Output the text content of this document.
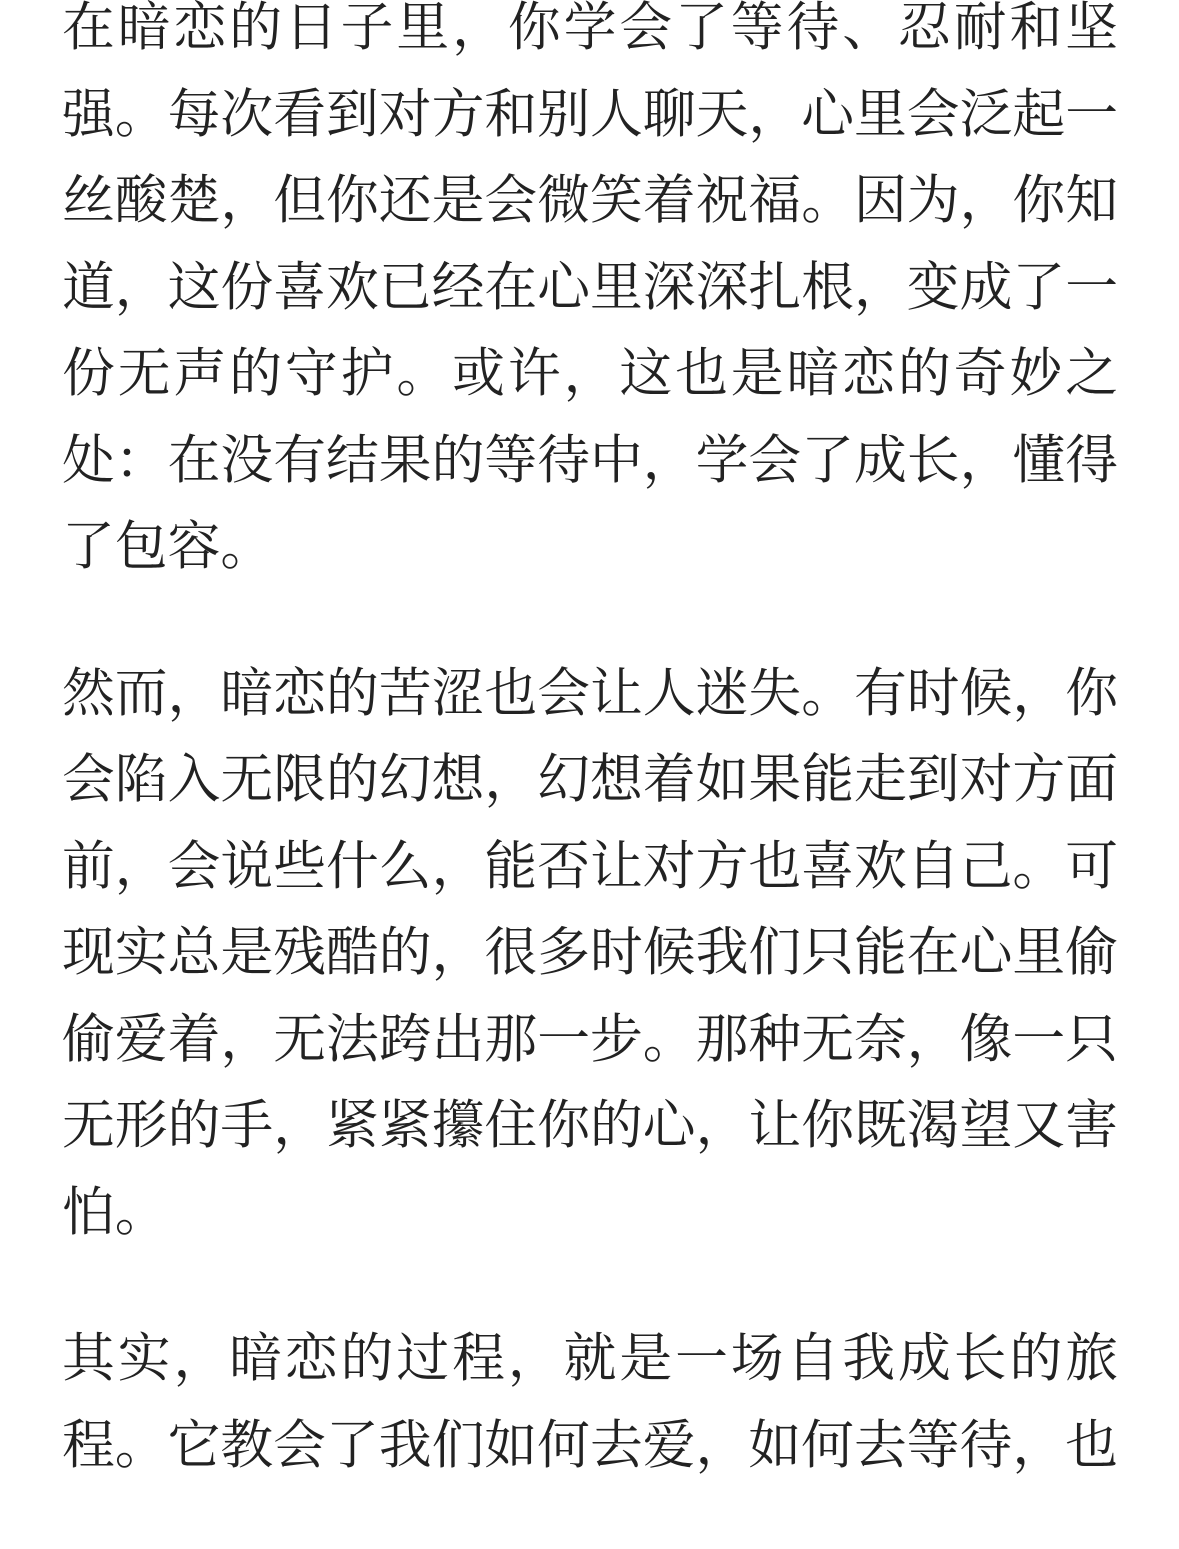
在暗恋的日子里，你学会了等待、忍耐和坚强。每次看到对方和别人聊天，心里会泛起一丝酸楚，但你还是会微笑着祝福。因为，你知道，这份喜欢已经在心里深深扎根，变成了一份无声的守护。或许，这也是暗恋的奇妙之处：在没有结果的等待中，学会了成长，懂得了包容。

然而，暗恋的苦涩也会让人迷失。有时候，你会陷入无限的幻想，幻想着如果能走到对方面前，会说些什么，能否让对方也喜欢自己。可现实总是残酷的，很多时候我们只能在心里偷偷爱着，无法跨出那一步。那种无奈，像一只无形的手，紧紧攥住你的心，让你既渴望又害怕。

其实，暗恋的过程，就是一场自我成长的旅程。它教会了我们如何去爱，如何去等待，也
